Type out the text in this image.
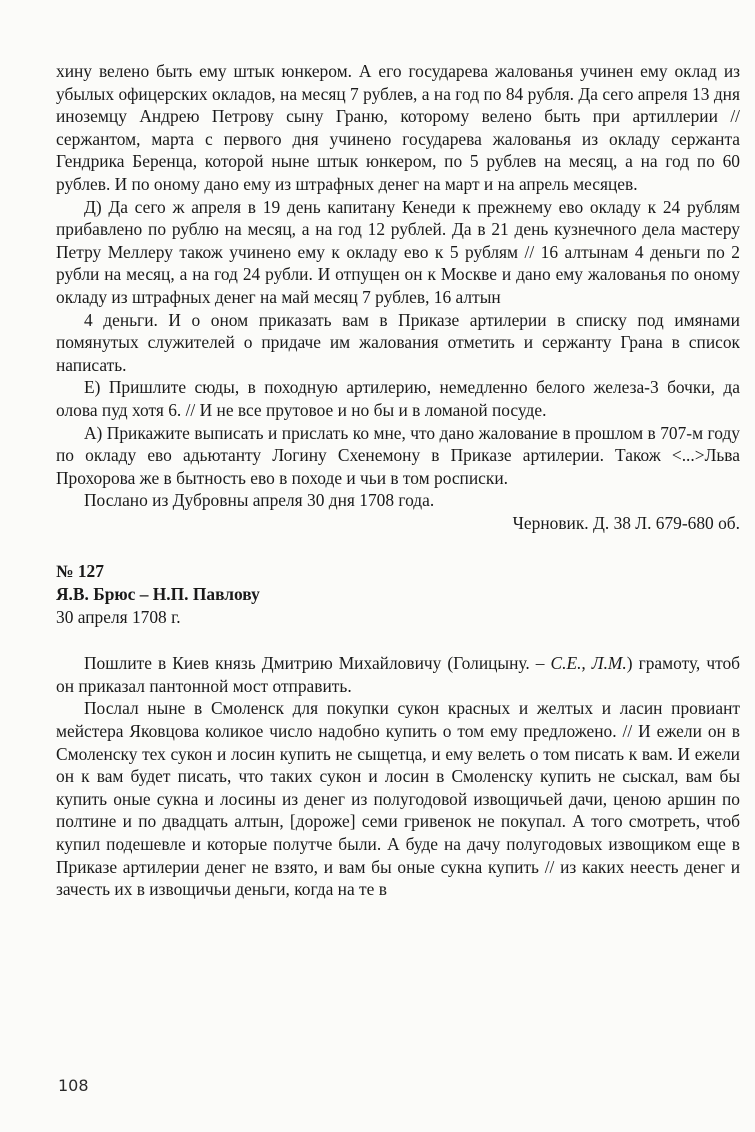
хину велено быть ему штык юнкером. А его государева жалованья учинен ему оклад из убылых офицерских окладов, на месяц 7 рублев, а на год по 84 рубля. Да сего апреля 13 дня иноземцу Андрею Петрову сыну Граню, которому велено быть при артиллерии // сержантом, марта с первого дня учинено государева жалованья из окладу сержанта Гендрика Беренца, которой ныне штык юнкером, по 5 рублев на месяц, а на год по 60 рублев. И по оному дано ему из штрафных денег на март и на апрель месяцев.

Д) Да сего ж апреля в 19 день капитану Кенеди к прежнему ево окладу к 24 рублям прибавлено по рублю на месяц, а на год 12 рублей. Да в 21 день кузнечного дела мастеру Петру Меллеру також учинено ему к окладу ево к 5 рублям // 16 алтынам 4 деньги по 2 рубли на месяц, а на год 24 рубли. И отпущен он к Москве и дано ему жалованья по оному окладу из штрафных денег на май месяц 7 рублев, 16 алтын

4 деньги. И о оном приказать вам в Приказе артилерии в списку под имянами помянутых служителей о придаче им жалования отметить и сержанту Грана в список написать.

Е) Пришлите сюды, в походную артилерию, немедленно белого железа-3 бочки, да олова пуд хотя 6. // И не все прутовое и но бы и в ломаной посуде.

А) Прикажите выписать и прислать ко мне, что дано жалование в прошлом в 707-м году по окладу ево адьютанту Логину Схенемону в Приказе артилерии. Також <...>Льва Прохорова же в бытность ево в походе и чьи в том росписки.

Послано из Дубровны апреля 30 дня 1708 года.

Черновик. Д. 38 Л. 679-680 об.

№ 127

Я.В. Брюс – Н.П. Павлову

30 апреля 1708 г.

Пошлите в Киев князь Дмитрию Михайловичу (Голицыну. – С.Е., Л.М.) грамоту, чтоб он приказал пантонной мост отправить.

Послал ныне в Смоленск для покупки сукон красных и желтых и ласин провиант мейстера Яковцова коликое число надобно купить о том ему предложено. // И ежели он в Смоленску тех сукон и лосин купить не сыщетца, и ему велеть о том писать к вам. И ежели он к вам будет писать, что таких сукон и лосин в Смоленску купить не сыскал, вам бы купить оные сукна и лосины из денег из полугодовой извощичьей дачи, ценою аршин по полтине и по двадцать алтын, [дороже] семи гривенок не покупал. А того смотреть, чтоб купил подешевле и которые полутче были. А буде на дачу полугодовых извощиком еще в Приказе артилерии денег не взято, и вам бы оные сукна купить // из каких неесть денег и зачесть их в извощичьи деньги, когда на те в

108
